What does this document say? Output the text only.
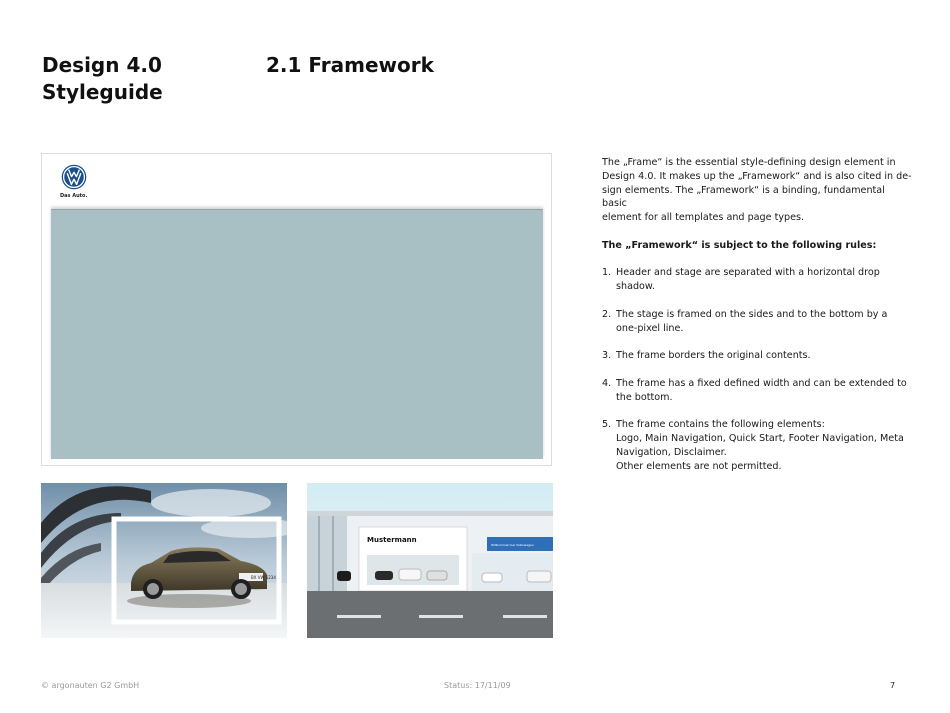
Design 4.0
Styleguide
2.1 Framework
Das Auto.
BX VW 1234
Mustermann
Willkommen bei Volkswagen

The „Frame“ is the essential style-defining design element in
Design 4.0. It makes up the „Framework“ and is also cited in de-
sign elements. The „Framework“ is a binding, fundamental basic
element for all templates and page types.

The „Framework“ is subject to the following rules:

1. Header and stage are separated with a horizontal drop
shadow.
2. The stage is framed on the sides and to the bottom by a
one-pixel line.
3. The frame borders the original contents.
4. The frame has a fixed defined width and can be extended to
the bottom.
5. The frame contains the following elements:
Logo, Main Navigation, Quick Start, Footer Navigation, Meta
Navigation, Disclaimer.
Other elements are not permitted.
© argonauten G2 GmbH	Status: 17/11/09	7
